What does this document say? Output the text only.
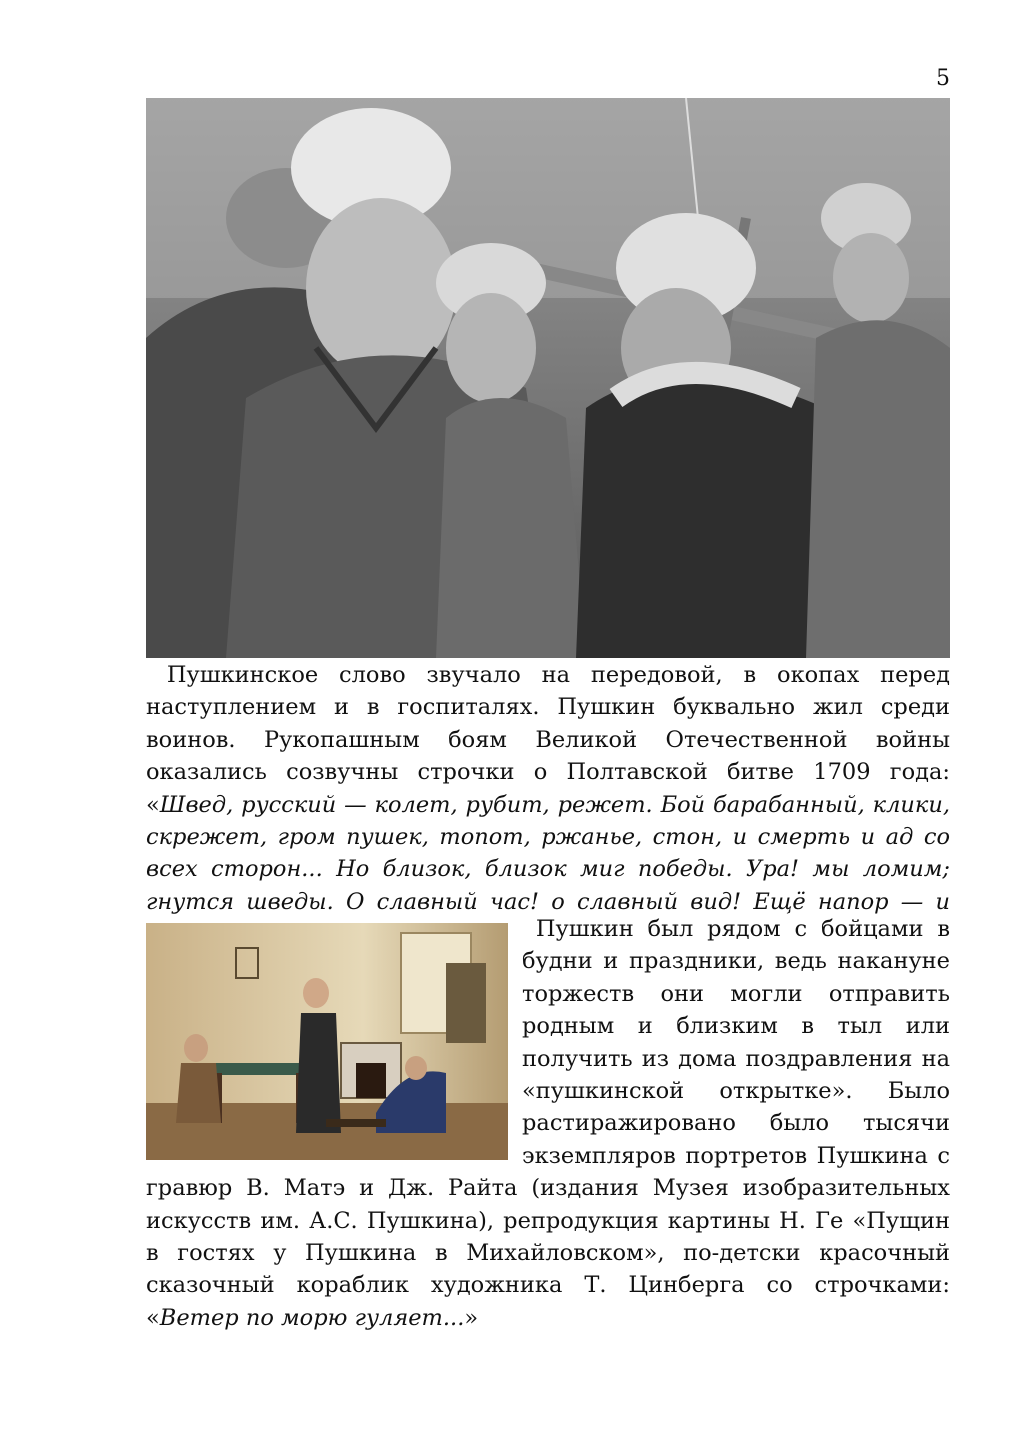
5

Пушкинское слово звучало на передовой, в окопах перед наступлением и в госпиталях. Пушкин буквально жил среди воинов. Рукопашным боям Великой Отечественной войны оказались созвучны строчки о Полтавской битве 1709 года: «Швед, русский — колет, рубит, режет. Бой барабанный, клики, скрежет, гром пушек, топот, ржанье, стон, и смерть и ад со всех сторон... Но близок, близок миг победы. Ура! мы ломим; гнутся шведы. О славный час! о славный вид! Ещё напор — и

Пушкин был рядом с бойцами в будни и праздники, ведь накануне торжеств они могли отправить родным и близким в тыл или получить из дома поздравления на «пушкинской открытке». Было растиражировано было тысячи экземпляров портретов Пушкина с гравюр В. Матэ и Дж. Райта (издания Музея изобразительных искусств им. А.С. Пушкина), репродукция картины Н. Ге «Пущин в гостях у Пушкина в Михайловском», по-детски красочный сказочный кораблик художника Т. Цинберга со строчками: «Ветер по морю гуляет...»
